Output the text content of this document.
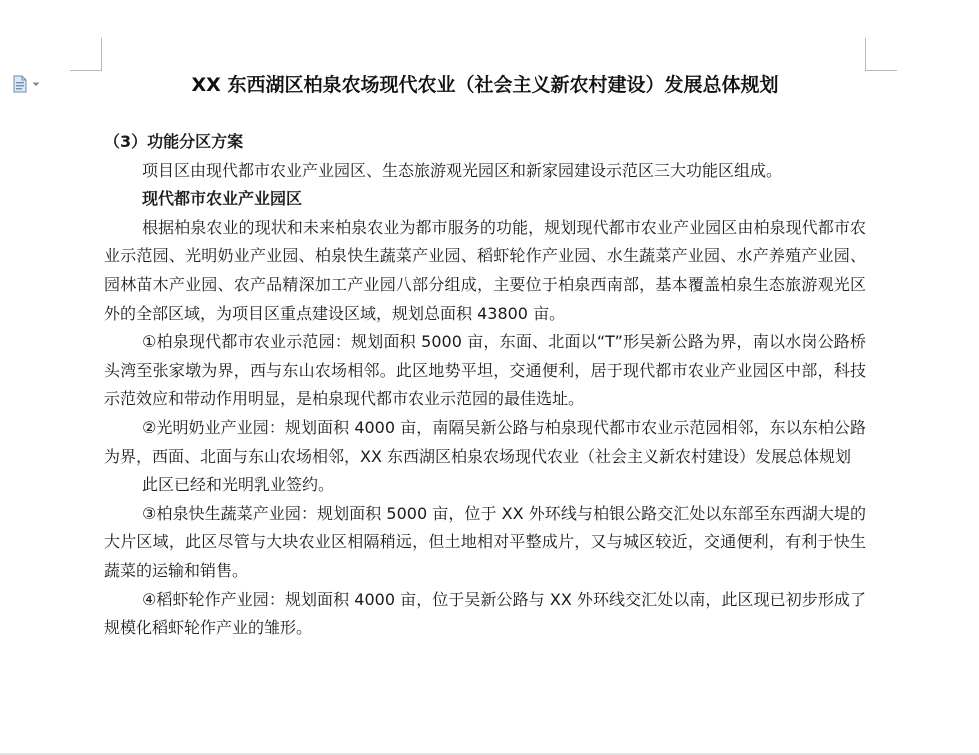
XX 东西湖区柏泉农场现代农业（社会主义新农村建设）发展总体规划

（3）功能分区方案

项目区由现代都市农业产业园区、生态旅游观光园区和新家园建设示范区三大功能区组成。

现代都市农业产业园区

根据柏泉农业的现状和未来柏泉农业为都市服务的功能，规划现代都市农业产业园区由柏泉现代都市农业示范园、光明奶业产业园、柏泉快生蔬菜产业园、稻虾轮作产业园、水生蔬菜产业园、水产养殖产业园、园林苗木产业园、农产品精深加工产业园八部分组成，主要位于柏泉西南部，基本覆盖柏泉生态旅游观光区外的全部区域，为项目区重点建设区域，规划总面积 43800 亩。

①柏泉现代都市农业示范园：规划面积 5000 亩，东面、北面以“T”形吴新公路为界，南以水岗公路桥头湾至张家墩为界，西与东山农场相邻。此区地势平坦，交通便利，居于现代都市农业产业园区中部，科技示范效应和带动作用明显，是柏泉现代都市农业示范园的最佳选址。

②光明奶业产业园：规划面积 4000 亩，南隔吴新公路与柏泉现代都市农业示范园相邻，东以东柏公路为界，西面、北面与东山农场相邻，XX 东西湖区柏泉农场现代农业（社会主义新农村建设）发展总体规划

此区已经和光明乳业签约。

③柏泉快生蔬菜产业园：规划面积 5000 亩，位于 XX 外环线与柏银公路交汇处以东部至东西湖大堤的大片区域，此区尽管与大块农业区相隔稍远，但土地相对平整成片，又与城区较近，交通便利，有利于快生蔬菜的运输和销售。

④稻虾轮作产业园：规划面积 4000 亩，位于吴新公路与 XX 外环线交汇处以南，此区现已初步形成了规模化稻虾轮作产业的雏形。
